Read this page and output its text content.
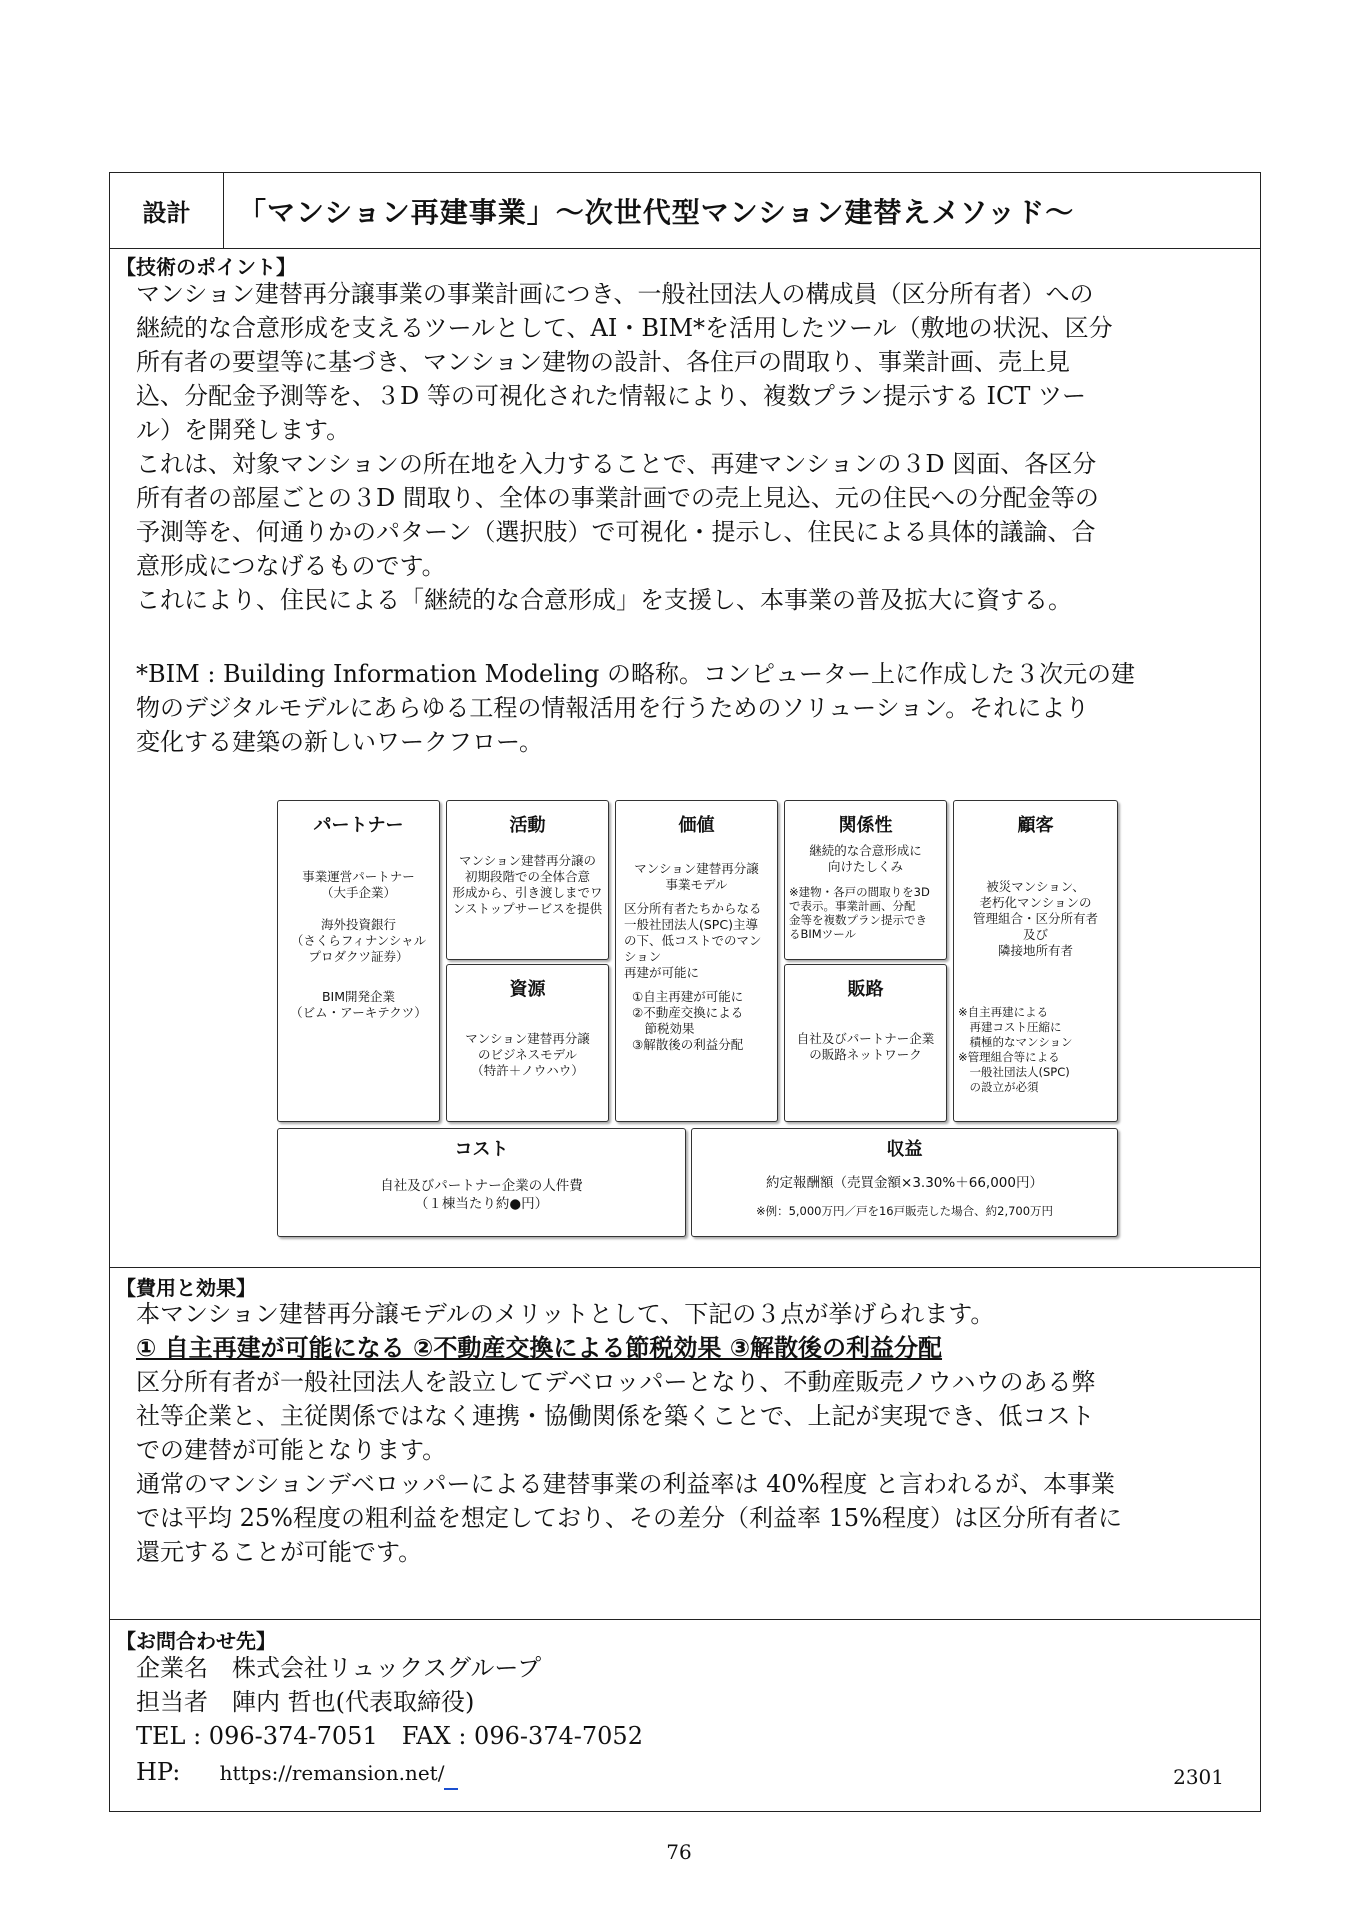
設計	「マンション再建事業」〜次世代型マンション建替えメソッド〜
【技術のポイント】

マンション建替再分譲事業の事業計画につき、一般社団法人の構成員（区分所有者）への

継続的な合意形成を支えるツールとして、AI・BIM*を活用したツール（敷地の状況、区分

所有者の要望等に基づき、マンション建物の設計、各住戸の間取り、事業計画、売上見

込、分配金予測等を、３D 等の可視化された情報により、複数プラン提示する ICT ツー

ル）を開発します。

これは、対象マンションの所在地を入力することで、再建マンションの３D 図面、各区分

所有者の部屋ごとの３D 間取り、全体の事業計画での売上見込、元の住民への分配金等の

予測等を、何通りかのパターン（選択肢）で可視化・提示し、住民による具体的議論、合

意形成につなげるものです。

これにより、住民による「継続的な合意形成」を支援し、本事業の普及拡大に資する。

*BIM : Building Information Modeling の略称。コンピューター上に作成した３次元の建

物のデジタルモデルにあらゆる工程の情報活用を行うためのソリューション。それにより

変化する建築の新しいワークフロー。

パートナー
事業運営パートナー
（大手企業）
海外投資銀行
（さくらフィナンシャル
プロダクツ証券）
BIM開発企業
（ビム・アーキテクツ）
活動
マンション建替再分譲の
初期段階での全体合意
形成から、引き渡しまでワ
ンストップサービスを提供
資源
マンション建替再分譲
のビジネスモデル
（特許＋ノウハウ）
価値
マンション建替再分譲
事業モデル
区分所有者たちからなる
一般社団法人(SPC)主導
の下、低コストでのマンション
再建が可能に
①自主再建が可能に
②不動産交換による
　節税効果
③解散後の利益分配
関係性
継続的な合意形成に
向けたしくみ
※建物・各戸の間取りを3D
で表示。事業計画、分配
金等を複数プラン提示でき
るBIMツール
販路
自社及びパートナー企業
の販路ネットワーク
顧客
被災マンション、
老朽化マンションの
管理組合・区分所有者
及び
隣接地所有者
※自主再建による
　再建コスト圧縮に
　積極的なマンション
※管理組合等による
　一般社団法人(SPC)
　の設立が必須
コスト
自社及びパートナー企業の人件費
（１棟当たり約●円）
収益
約定報酬額（売買金額×3.30%＋66,000円）
※例：5,000万円／戸を16戸販売した場合、約2,700万円
【費用と効果】

本マンション建替再分譲モデルのメリットとして、下記の３点が挙げられます。

① 自主再建が可能になる ②不動産交換による節税効果 ③解散後の利益分配

区分所有者が一般社団法人を設立してデベロッパーとなり、不動産販売ノウハウのある弊

社等企業と、主従関係ではなく連携・協働関係を築くことで、上記が実現でき、低コスト

での建替が可能となります。

通常のマンションデベロッパーによる建替事業の利益率は 40%程度 と言われるが、本事業

では平均 25%程度の粗利益を想定しており、その差分（利益率 15%程度）は区分所有者に

還元することが可能です。

【お問合わせ先】

企業名　株式会社リュックスグループ

担当者　陣内 哲也(代表取締役)

TEL : 096-374-7051　FAX : 096-374-7052

HP: https://remansion.net/	2301
76
